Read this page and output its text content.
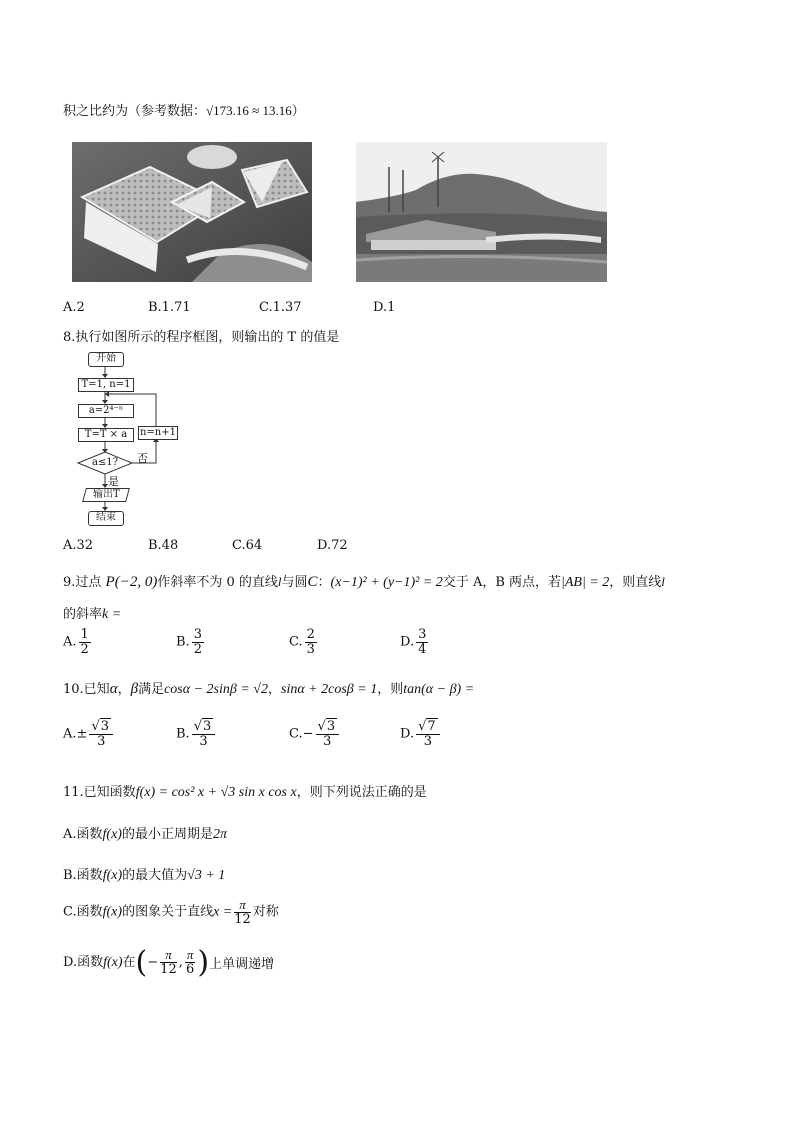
积之比约为（参考数据：√173.16 ≈ 13.16）
A.2	B.1.71	C.1.37	D.1
8.执行如图所示的程序框图，则输出的 T 的值是
开始
T=1, n=1
a=2⁴⁻ⁿ
T=T × a	n=n+1
a≤1? 否
是
输出T
结束
A.32	B.48	C.64	D.72
9.过点 P(−2, 0)作斜率不为 0 的直线l与圆C：(x−1)² + (y−1)² = 2交于 A，B 两点，若|AB| = 2，则直线l
的斜率k =
A. $\frac{1}{2}$	B. $\frac{3}{2}$	C. $\frac{2}{3}$	D. $\frac{3}{4}$
10.已知α，β满足cosα − 2sinβ = √2，sinα + 2cosβ = 1，则tan(α − β) =
$A.\pm \frac{√3}{3}$	B. $\frac{√3}{3}$	$C.- \frac{√3}{3}$	D. $\frac{√7}{3}$
11.已知函数f(x) = cos² x + √3 sin x cos x，则下列说法正确的是
A.函数f(x)的最小正周期是2π
B.函数f(x)的最大值为√3 + 1
C.函数f(x)的图象关于直线$x = \frac{\pi}{12}$ 对称
D.函数f(x)在(− $\frac{\pi}{12}$ , $\frac{\pi}{6}$ )上单调递增
